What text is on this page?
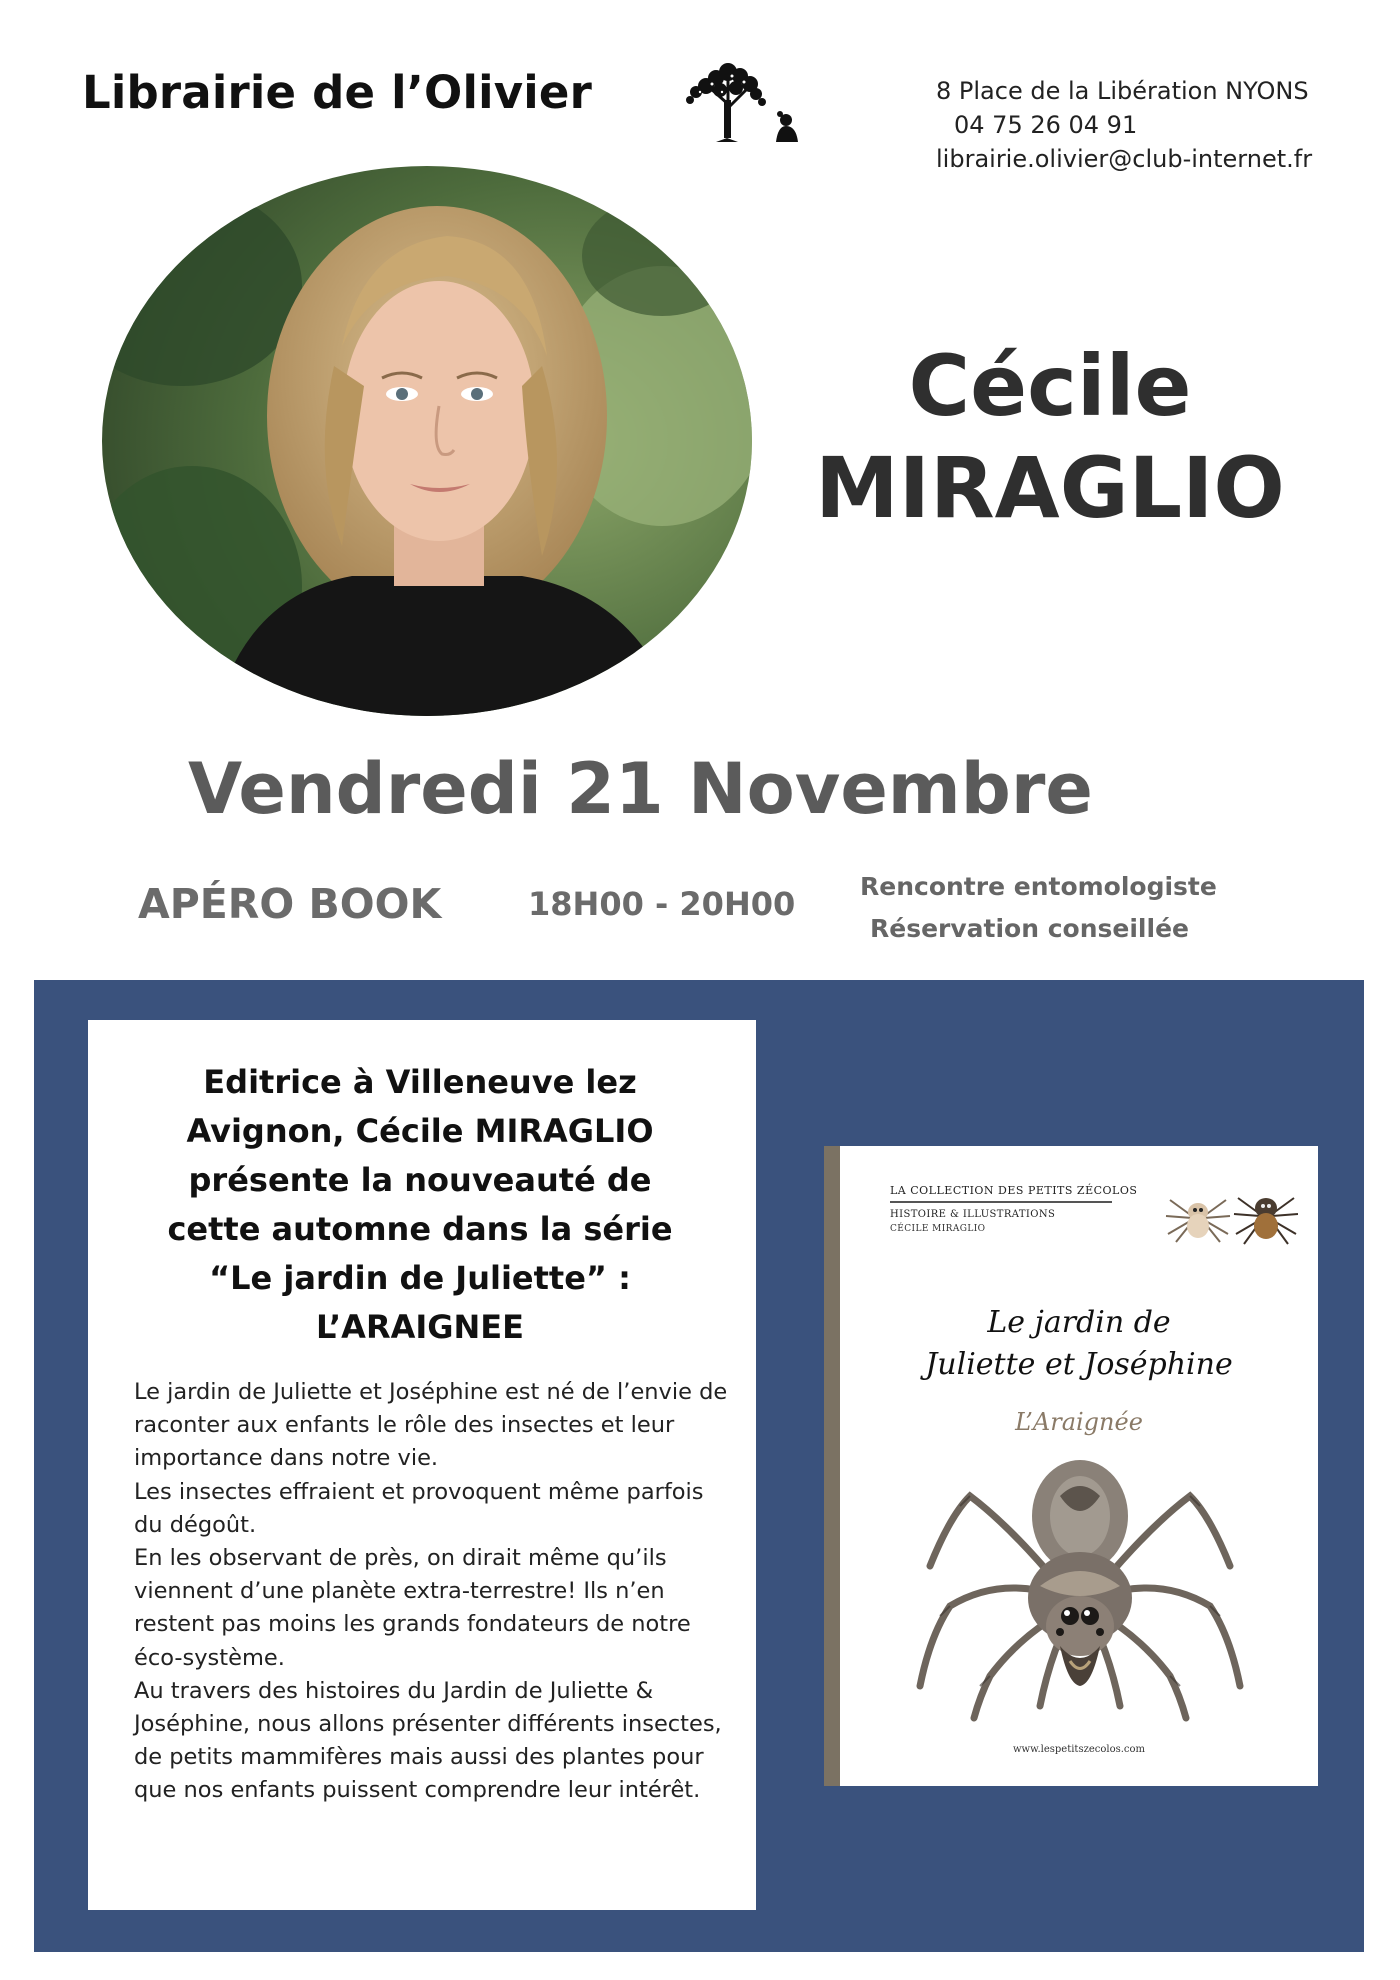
Librairie de l’Olivier	8 Place de la Libération NYONS
04 75 26 04 91
librairie.olivier@club-internet.fr
Cécile
MIRAGLIO
Vendredi 21 Novembre
APÉRO BOOK	18H00 - 20H00	Rencontre entomologiste
Réservation conseillée
Editrice à Villeneuve lez
Avignon, Cécile MIRAGLIO
présente la nouveauté de
cette automne dans la série
“Le jardin de Juliette” :
L’ARAIGNEE

Le jardin de Juliette et Joséphine est né de l’envie de raconter aux enfants le rôle des insectes et leur importance dans notre vie.

Les insectes effraient et provoquent même parfois du dégoût.

En les observant de près, on dirait même qu’ils viennent d’une planète extra-terrestre! Ils n’en restent pas moins les grands fondateurs de notre éco-système.

Au travers des histoires du Jardin de Juliette & Joséphine, nous allons présenter différents insectes, de petits mammifères mais aussi des plantes pour que nos enfants puissent comprendre leur intérêt.

LA COLLECTION DES PETITS ZÉCOLOS
HISTOIRE & ILLUSTRATIONS
CÉCILE MIRAGLIO
Le jardin de
Juliette et Joséphine
L’Araignée
www.lespetitszecolos.com
